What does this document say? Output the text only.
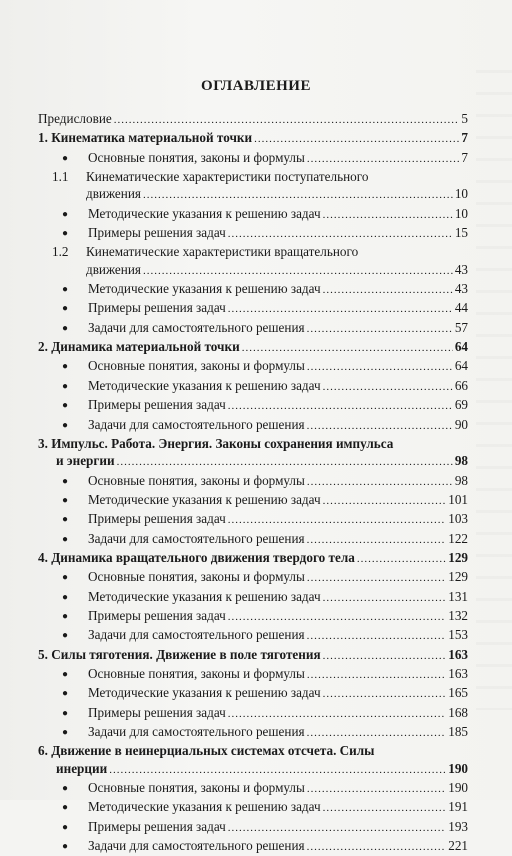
ОГЛАВЛЕНИЕ
Предисловие .....	5
1. Кинематика материальной точки .....	7
● Основные понятия, законы и формулы .....	7
1.1 Кинематические характеристики поступательного
движения .....	10
● Методические указания к решению задач .....	10
● Примеры решения задач .....	15
1.2 Кинематические характеристики вращательного
движения .....	43
● Методические указания к решению задач .....	43
● Примеры решения задач .....	44
● Задачи для самостоятельного решения .....	57
2. Динамика материальной точки .....	64
● Основные понятия, законы и формулы .....	64
● Методические указания к решению задач .....	66
● Примеры решения задач .....	69
● Задачи для самостоятельного решения .....	90
3. Импульс. Работа. Энергия. Законы сохранения импульса
и энергии .....	98
● Основные понятия, законы и формулы .....	98
● Методические указания к решению задач .....	101
● Примеры решения задач .....	103
● Задачи для самостоятельного решения .....	122
4. Динамика вращательного движения твердого тела .....	129
● Основные понятия, законы и формулы .....	129
● Методические указания к решению задач .....	131
● Примеры решения задач .....	132
● Задачи для самостоятельного решения .....	153
5. Силы тяготения. Движение в поле тяготения .....	163
● Основные понятия, законы и формулы .....	163
● Методические указания к решению задач .....	165
● Примеры решения задач .....	168
● Задачи для самостоятельного решения .....	185
6. Движение в неинерциальных системах отсчета. Силы
инерции .....	190
● Основные понятия, законы и формулы .....	190
● Методические указания к решению задач .....	191
● Примеры решения задач .....	193
● Задачи для самостоятельного решения .....	221
